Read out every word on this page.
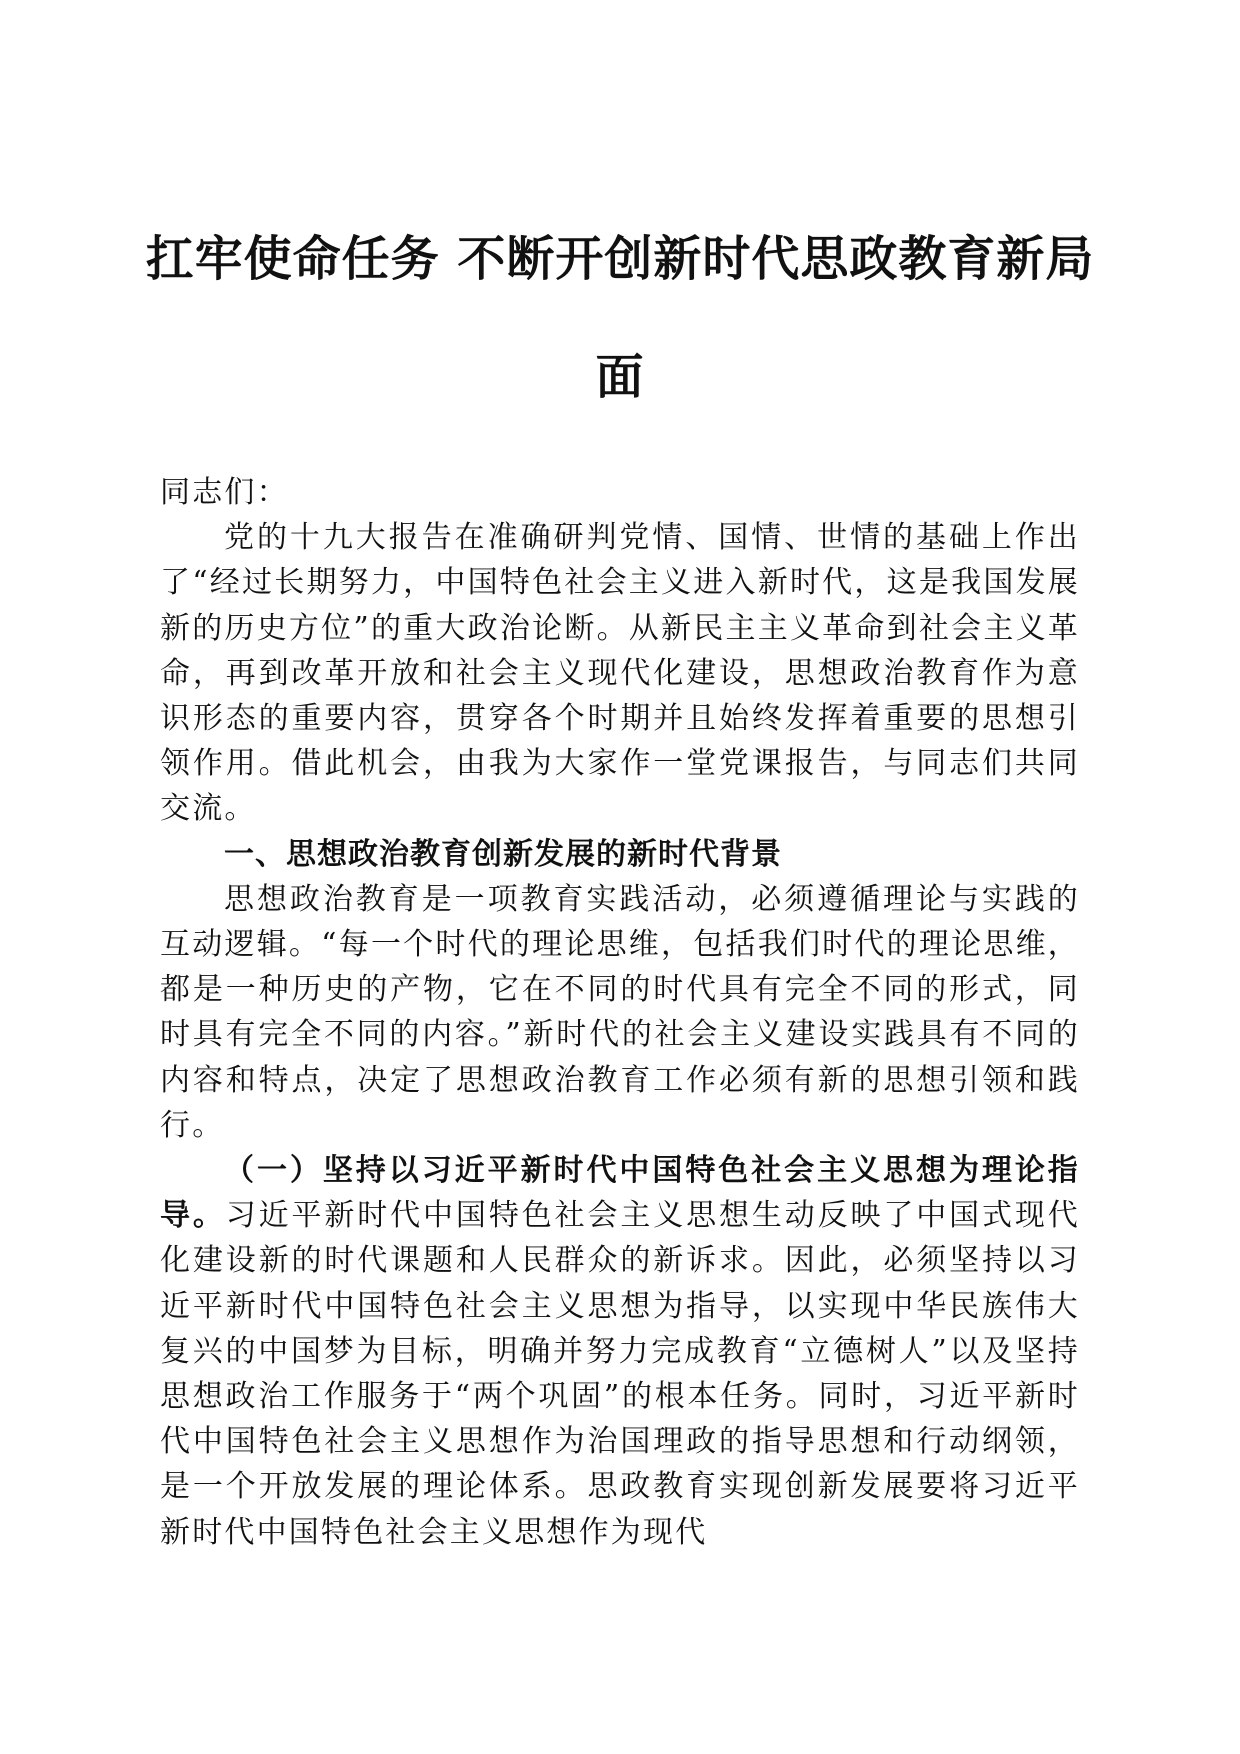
扛牢使命任务 不断开创新时代思政教育新局
面

同志们：

党的十九大报告在准确研判党情、国情、世情的基础上作出了“经过长期努力，中国特色社会主义进入新时代，这是我国发展新的历史方位”的重大政治论断。从新民主主义革命到社会主义革命，再到改革开放和社会主义现代化建设，思想政治教育作为意识形态的重要内容，贯穿各个时期并且始终发挥着重要的思想引领作用。借此机会，由我为大家作一堂党课报告，与同志们共同交流。

一、思想政治教育创新发展的新时代背景

思想政治教育是一项教育实践活动，必须遵循理论与实践的互动逻辑。“每一个时代的理论思维，包括我们时代的理论思维，都是一种历史的产物，它在不同的时代具有完全不同的形式，同时具有完全不同的内容。”新时代的社会主义建设实践具有不同的内容和特点，决定了思想政治教育工作必须有新的思想引领和践行。

（一）坚持以习近平新时代中国特色社会主义思想为理论指导。习近平新时代中国特色社会主义思想生动反映了中国式现代化建设新的时代课题和人民群众的新诉求。因此，必须坚持以习近平新时代中国特色社会主义思想为指导，以实现中华民族伟大复兴的中国梦为目标，明确并努力完成教育“立德树人”以及坚持思想政治工作服务于“两个巩固”的根本任务。同时，习近平新时代中国特色社会主义思想作为治国理政的指导思想和行动纲领，是一个开放发展的理论体系。思政教育实现创新发展要将习近平新时代中国特色社会主义思想作为现代
